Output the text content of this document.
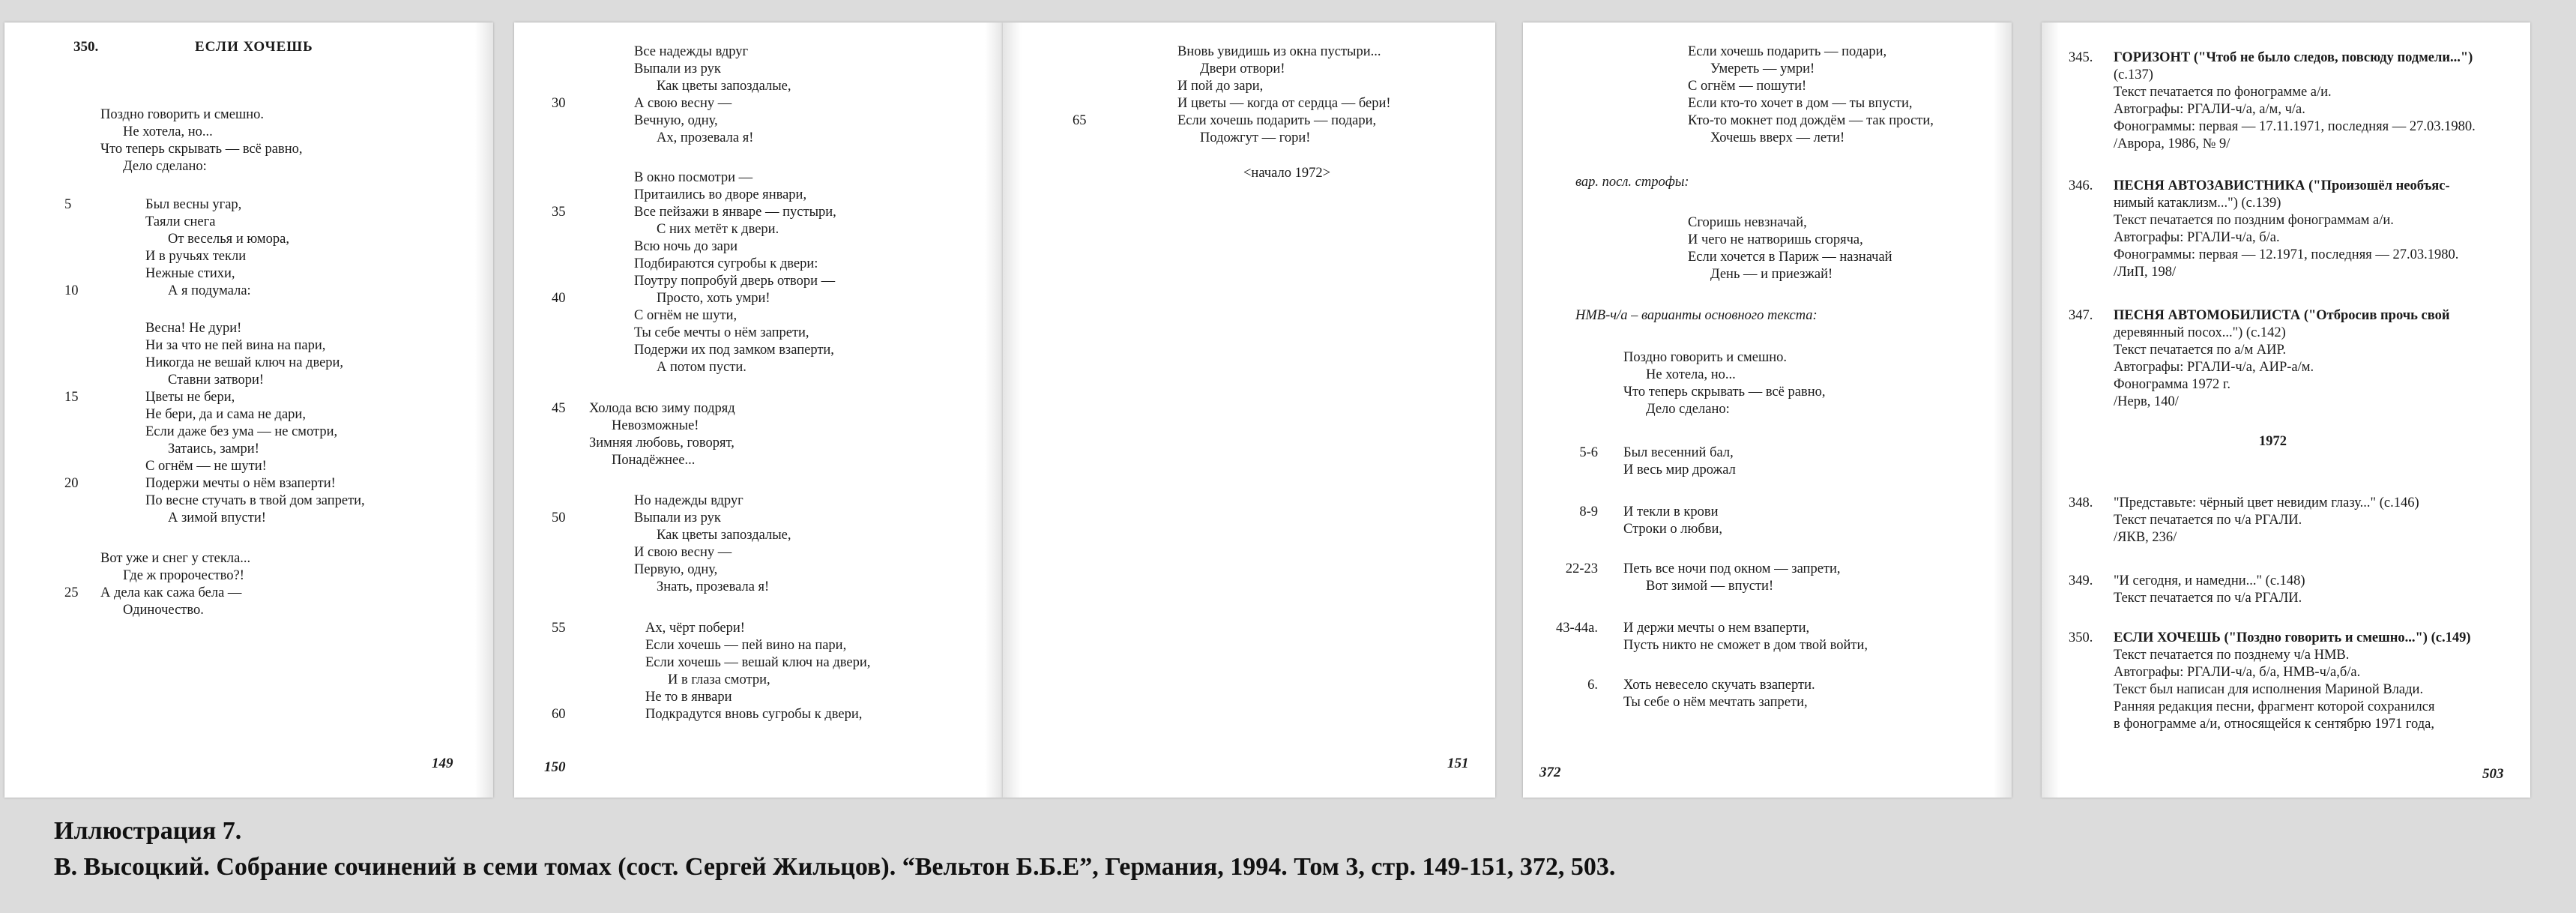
350.	ЕСЛИ ХОЧЕШЬ
Поздно говорить и смешно.
Не хотела, но...
Что теперь скрывать — всё равно,
Дело сделано:
5	Был весны угар,
Таяли снега
От веселья и юмора,
И в ручьях текли
Нежные стихи,
10	А я подумала:
Весна! Не дури!
Ни за что не пей вина на пари,
Никогда не вешай ключ на двери,
Ставни затвори!
15	Цветы не бери,
Не бери, да и сама не дари,
Если даже без ума — не смотри,
Затаись, замри!
С огнём — не шути!
20	Подержи мечты о нём взаперти!
По весне стучать в твой дом запрети,
А зимой впусти!
Вот уже и снег у стекла...
Где ж пророчество?!
25 А дела как сажа бела —
Одиночество.
149
Все надежды вдруг
Выпали из рук
Как цветы запоздалые,
30	А свою весну —
Вечную, одну,
Ах, прозевала я!
В окно посмотри —
Притаились во дворе январи,
35	Все пейзажи в январе — пустыри,
С них метёт к двери.
Всю ночь до зари
Подбираются сугробы к двери:
Поутру попробуй дверь отвори —
40	Просто, хоть умри!
С огнём не шути,
Ты себе мечты о нём запрети,
Подержи их под замком взаперти,
А потом пусти.
45 Холода всю зиму подряд
Невозможные!
Зимняя любовь, говорят,
Понадёжнее...
Но надежды вдруг
50	Выпали из рук
Как цветы запоздалые,
И свою весну —
Первую, одну,
Знать, прозевала я!
55	Ах, чёрт побери!
Если хочешь — пей вино на пари,
Если хочешь — вешай ключ на двери,
И в глаза смотри,
Не то в январи
60	Подкрадутся вновь сугробы к двери,
150
Вновь увидишь из окна пустыри...
Двери отвори!
И пой до зари,
И цветы — когда от сердца — бери!
65	Если хочешь подарить — подари,
Подожгут — гори!
<начало 1972>
151
Если хочешь подарить — подари,
Умереть — умри!
С огнём — пошути!
Если кто-то хочет в дом — ты впусти,
Кто-то мокнет под дождём — так прости,
Хочешь вверх — лети!
вар. посл. строфы:
Сгоришь невзначай,
И чего не натворишь сгоряча,
Если хочется в Париж — назначай
День — и приезжай!
НМВ-ч/а – варианты основного текста:
Поздно говорить и смешно.
Не хотела, но...
Что теперь скрывать — всё равно,
Дело сделано:
5-6 Был весенний бал,
И весь мир дрожал
8-9 И текли в крови
Строки о любви,
22-23 Петь все ночи под окном — запрети,
Вот зимой — впусти!
43-44а. И держи мечты о нем взаперти,
Пусть никто не сможет в дом твой войти,
6. Хоть невесело скучать взаперти.
Ты себе о нём мечтать запрети,
372
345. ГОРИЗОНТ ("Чтоб не было следов, повсюду подмели...")
(с.137)
Текст печатается по фонограмме а/и.
Автографы: РГАЛИ-ч/а, а/м, ч/а.
Фонограммы: первая — 17.11.1971, последняя — 27.03.1980.
/Аврора, 1986, № 9/
346. ПЕСНЯ АВТОЗАВИСТНИКА ("Произошёл необъяс-
нимый катаклизм...") (с.139)
Текст печатается по поздним фонограммам а/и.
Автографы: РГАЛИ-ч/а, б/а.
Фонограммы: первая — 12.1971, последняя — 27.03.1980.
/ЛиП, 198/
347. ПЕСНЯ АВТОМОБИЛИСТА ("Отбросив прочь свой
деревянный посох...") (с.142)
Текст печатается по а/м АИР.
Автографы: РГАЛИ-ч/а, АИР-а/м.
Фонограмма 1972 г.
/Нерв, 140/
348. "Представьте: чёрный цвет невидим глазу..." (с.146)
Текст печатается по ч/а РГАЛИ.
/ЯКВ, 236/
349. "И сегодня, и намедни..." (с.148)
Текст печатается по ч/а РГАЛИ.
350. ЕСЛИ ХОЧЕШЬ ("Поздно говорить и смешно...") (с.149)
Текст печатается по позднему ч/а НМВ.
Автографы: РГАЛИ-ч/а, б/а, НМВ-ч/а,б/а.
Текст был написан для исполнения Мариной Влади.
Ранняя редакция песни, фрагмент которой сохранился
в фонограмме а/и, относящейся к сентябрю 1971 года,
1972
503
Иллюстрация 7.
В. Высоцкий. Собрание сочинений в семи томах (сост. Сергей Жильцов). “Вельтон Б.Б.Е”, Германия, 1994. Том 3, стр. 149-151, 372, 503.
